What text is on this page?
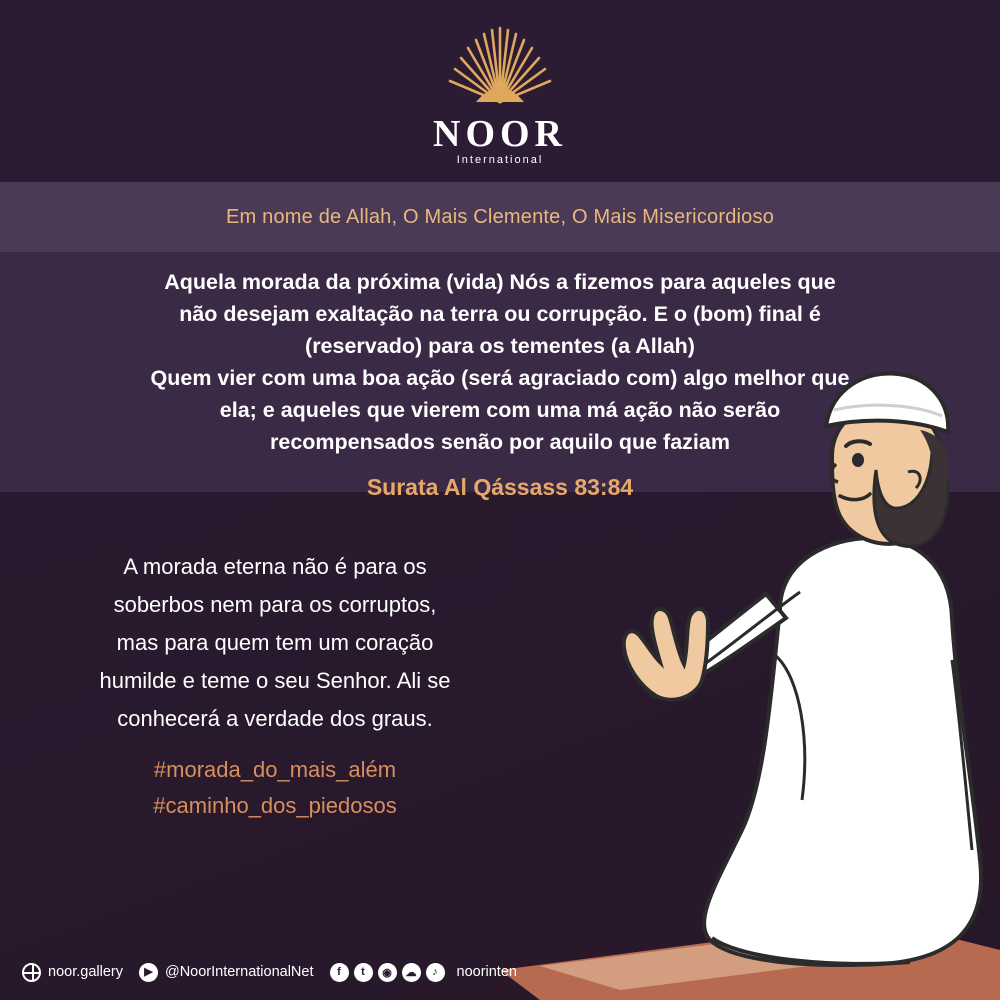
NOOR
International
Em nome de Allah, O Mais Clemente, O Mais Misericordioso
Aquela morada da próxima (vida) Nós a fizemos para aqueles que
não desejam exaltação na terra ou corrupção. E o (bom) final é
(reservado) para os tementes (a Allah)
Quem vier com uma boa ação (será agraciado com) algo melhor que
ela; e aqueles que vierem com uma má ação não serão
recompensados senão por aquilo que faziam
Surata Al Qássass 83:84
A morada eterna não é para os
soberbos nem para os corruptos,
mas para quem tem um coração
humilde e teme o seu Senhor. Ali se
conhecerá a verdade dos graus.
#morada_do_mais_além
#caminho_dos_piedosos
noor.gallery	▶ @NoorInternationalNet	f	t	◉	☁	♪	noorinten
